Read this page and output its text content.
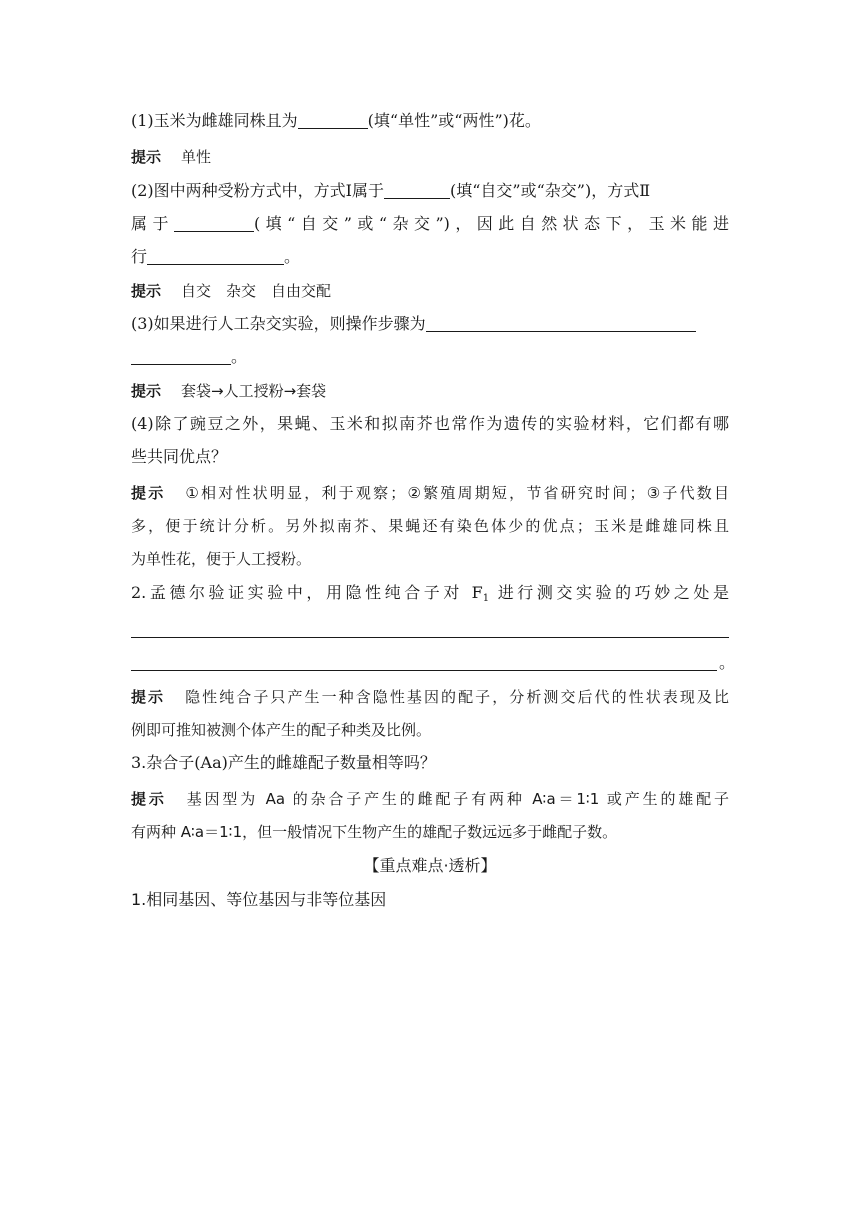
(1)玉米为雌雄同株且为	(填“单性”或“两性”)花。
提示 单性
(2)图中两种受粉方式中，方式Ⅰ属于	(填“自交”或“杂交”)，方式Ⅱ
属于	(填“自交”或“杂交”)，因此自然状态下，玉米能进
行	。
提示 自交　杂交　自由交配
(3)如果进行人工杂交实验，则操作步骤为
。
提示 套袋→人工授粉→套袋
(4)除了豌豆之外，果蝇、玉米和拟南芥也常作为遗传的实验材料，它们都有哪
些共同优点？
提示 ①相对性状明显，利于观察；②繁殖周期短，节省研究时间；③子代数目
多，便于统计分析。另外拟南芥、果蝇还有染色体少的优点；玉米是雌雄同株且
为单性花，便于人工授粉。
2.孟德尔验证实验中，用隐性纯合子对 $F_1$ 进行测交实验的巧妙之处是
。
提示 隐性纯合子只产生一种含隐性基因的配子，分析测交后代的性状表现及比
例即可推知被测个体产生的配子种类及比例。
3.杂合子(Aa)产生的雌雄配子数量相等吗？
提示 基因型为 Aa 的杂合子产生的雌配子有两种 A∶a＝1∶1 或产生的雄配子
有两种 A∶a＝1∶1，但一般情况下生物产生的雄配子数远远多于雌配子数。
【重点难点·透析】
1.相同基因、等位基因与非等位基因
